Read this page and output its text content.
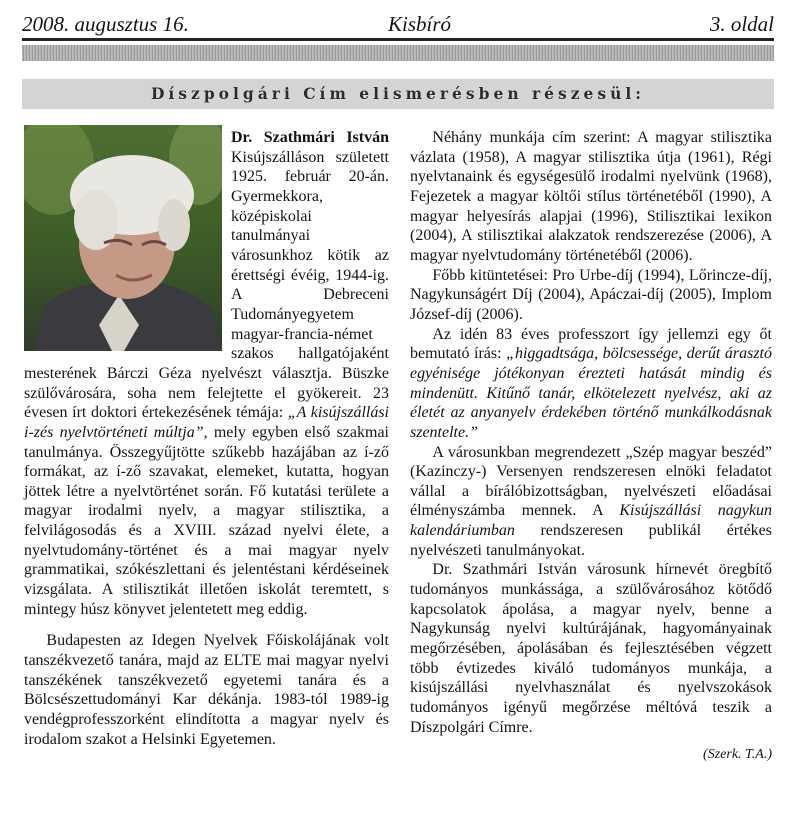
2008. augusztus 16.	Kisbíró	3. oldal
Díszpolgári Cím elismerésben részesül:

Dr. Szathmári István Kisújszálláson született 1925. február 20-án. Gyermekkora, középiskolai tanulmányai városunkhoz kötik az érettségi évéig, 1944-ig. A Debreceni Tudományegyetem magyar-francia-német szakos hallgatójaként mesterének Bárczi Géza nyelvészt választja. Büszke szülővárosára, soha nem felejtette el gyökereit. 23 évesen írt doktori értekezésének témája: „A kisújszállási i-zés nyelvtörténeti múltja”, mely egyben első szakmai tanulmánya. Összegyűjtötte szűkebb hazájában az í-ző formákat, az í-ző szavakat, elemeket, kutatta, hogyan jöttek létre a nyelvtörténet során. Fő kutatási területe a magyar irodalmi nyelv, a magyar stilisztika, a felvilágosodás és a XVIII. század nyelvi élete, a nyelvtudomány-történet és a mai magyar nyelv grammatikai, szókészlettani és jelentéstani kérdéseinek vizsgálata. A stilisztikát illetően iskolát teremtett, s mintegy húsz könyvet jelentetett meg eddig.

Budapesten az Idegen Nyelvek Főiskolájának volt tanszékvezető tanára, majd az ELTE mai magyar nyelvi tanszékének tanszékvezető egyetemi tanára és a Bölcsészettudományi Kar dékánja. 1983-tól 1989-ig vendégprofesszorként elindította a magyar nyelv és irodalom szakot a Helsinki Egyetemen.

Néhány munkája cím szerint: A magyar stilisztika vázlata (1958), A magyar stilisztika útja (1961), Régi nyelvtanaink és egységesülő irodalmi nyelvünk (1968), Fejezetek a magyar költői stílus történetéből (1990), A magyar helyesírás alapjai (1996), Stilisztikai lexikon (2004), A stilisztikai alakzatok rendszerezése (2006), A magyar nyelvtudomány történetéből (2006).

Főbb kitüntetései: Pro Urbe-díj (1994), Lőrincze-díj, Nagykunságért Díj (2004), Apáczai-díj (2005), Implom József-díj (2006).

Az idén 83 éves professzort így jellemzi egy őt bemutató írás: „higgadtsága, bölcsessége, derűt árasztó egyénisége jótékonyan érezteti hatását mindig és mindenütt. Kitűnő tanár, elkötelezett nyelvész, aki az életét az anyanyelv érdekében történő munkálkodásnak szentelte.”

A városunkban megrendezett „Szép magyar beszéd” (Kazinczy-) Versenyen rendszeresen elnöki feladatot vállal a bírálóbizottságban, nyelvészeti előadásai élményszámba mennek. A Kisújszállási nagykun kalendáriumban rendszeresen publikál értékes nyelvészeti tanulmányokat.

Dr. Szathmári István városunk hírnevét öregbítő tudományos munkássága, a szülővárosához kötődő kapcsolatok ápolása, a magyar nyelv, benne a Nagykunság nyelvi kultúrájának, hagyományainak megőrzésében, ápolásában és fejlesztésében végzett több évtizedes kiváló tudományos munkája, a kisújszállási nyelvhasználat és nyelvszokások tudományos igényű megőrzése méltóvá teszik a Díszpolgári Címre.

(Szerk. T.A.)
